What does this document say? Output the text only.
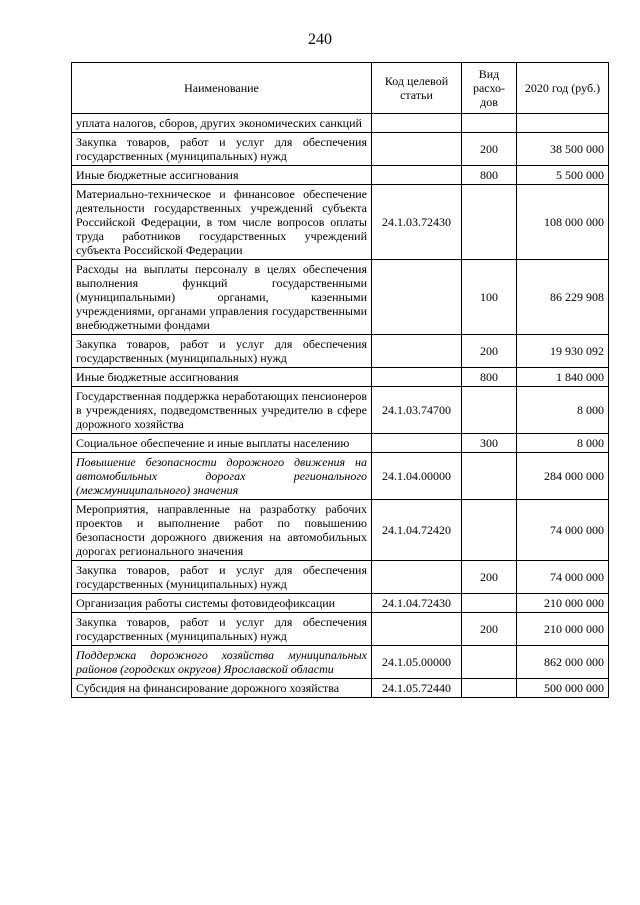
240
Наименование	Код целевой статьи	Вид расхо-дов	2020 год (руб.)
уплата налогов, сборов, других экономических санкций			
Закупка товаров, работ и услуг для обеспечения государственных (муниципальных) нужд		200	38 500 000
Иные бюджетные ассигнования		800	5 500 000
Материально-техническое и финансовое обеспечение деятельности государственных учреждений субъекта Российской Федерации, в том числе вопросов оплаты труда работников государственных учреждений субъекта Российской Федерации	24.1.03.72430		108 000 000
Расходы на выплаты персоналу в целях обеспечения выполнения функций государственными (муниципальными) органами, казенными учреждениями, органами управления государственными внебюджетными фондами		100	86 229 908
Закупка товаров, работ и услуг для обеспечения государственных (муниципальных) нужд		200	19 930 092
Иные бюджетные ассигнования		800	1 840 000
Государственная поддержка неработающих пенсионеров в учреждениях, подведомственных учредителю в сфере дорожного хозяйства	24.1.03.74700		8 000
Социальное обеспечение и иные выплаты населению		300	8 000
Повышение безопасности дорожного движения на автомобильных дорогах регионального (межмуниципального) значения	24.1.04.00000		284 000 000
Мероприятия, направленные на разработку рабочих проектов и выполнение работ по повышению безопасности дорожного движения на автомобильных дорогах регионального значения	24.1.04.72420		74 000 000
Закупка товаров, работ и услуг для обеспечения государственных (муниципальных) нужд		200	74 000 000
Организация работы системы фотовидеофиксации	24.1.04.72430		210 000 000
Закупка товаров, работ и услуг для обеспечения государственных (муниципальных) нужд		200	210 000 000
Поддержка дорожного хозяйства муниципальных районов (городских округов) Ярославской области	24.1.05.00000		862 000 000
Субсидия на финансирование дорожного хозяйства	24.1.05.72440		500 000 000
